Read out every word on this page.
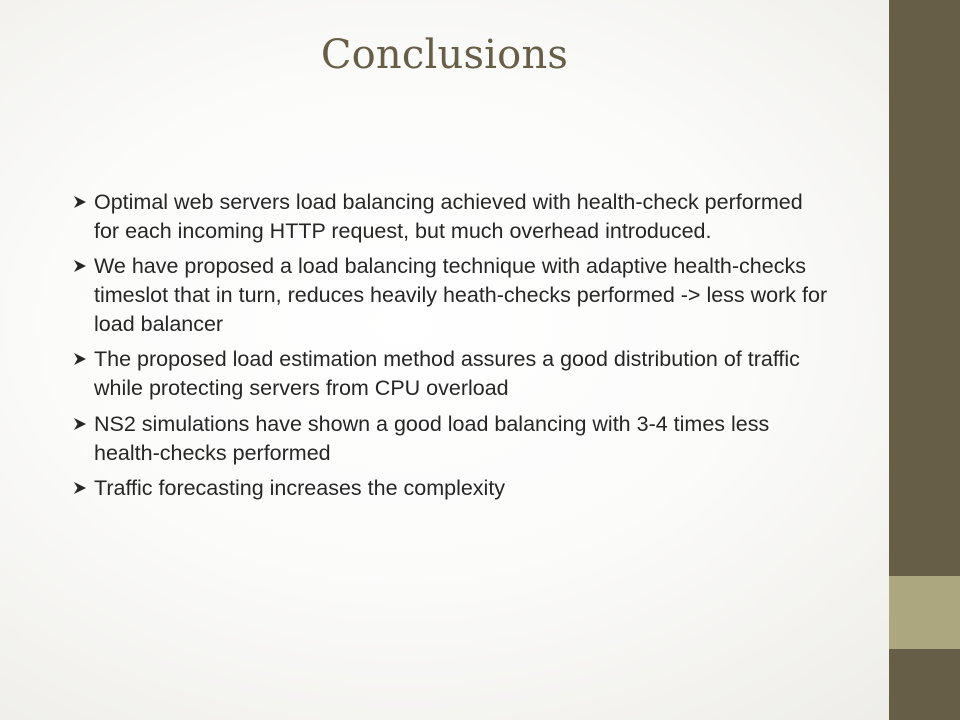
Conclusions
Optimal web servers load balancing achieved with health-check performed for each incoming HTTP request, but much overhead introduced.
We have proposed a load balancing technique with adaptive health-checks timeslot that in turn, reduces heavily heath-checks performed -> less work for load balancer
The proposed load estimation method assures a good distribution of traffic while protecting servers from CPU overload
NS2 simulations have shown a good load balancing with 3-4 times less health-checks performed
Traffic forecasting increases the complexity
